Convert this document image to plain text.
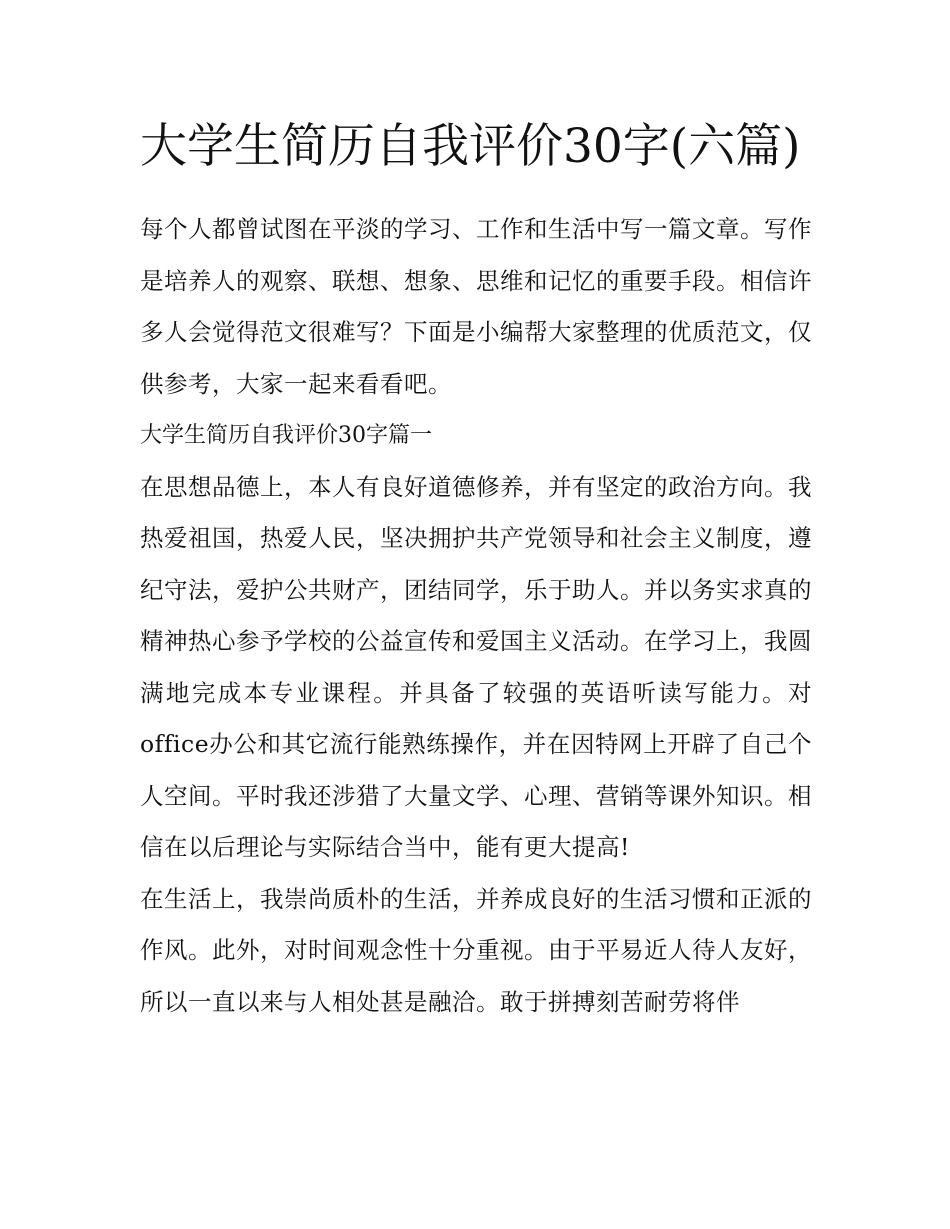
大学生简历自我评价30字(六篇)

每个人都曾试图在平淡的学习、工作和生活中写一篇文章。写作是培养人的观察、联想、想象、思维和记忆的重要手段。相信许多人会觉得范文很难写？下面是小编帮大家整理的优质范文，仅供参考，大家一起来看看吧。

大学生简历自我评价30字篇一

在思想品德上，本人有良好道德修养，并有坚定的政治方向。我热爱祖国，热爱人民，坚决拥护共产党领导和社会主义制度，遵纪守法，爱护公共财产，团结同学，乐于助人。并以务实求真的精神热心参予学校的公益宣传和爱国主义活动。在学习上，我圆满地完成本专业课程。并具备了较强的英语听读写能力。对office办公和其它流行能熟练操作，并在因特网上开辟了自己个人空间。平时我还涉猎了大量文学、心理、营销等课外知识。相信在以后理论与实际结合当中，能有更大提高!

在生活上，我崇尚质朴的生活，并养成良好的生活习惯和正派的作风。此外，对时间观念性十分重视。由于平易近人待人友好，所以一直以来与人相处甚是融洽。敢于拼搏刻苦耐劳将伴
